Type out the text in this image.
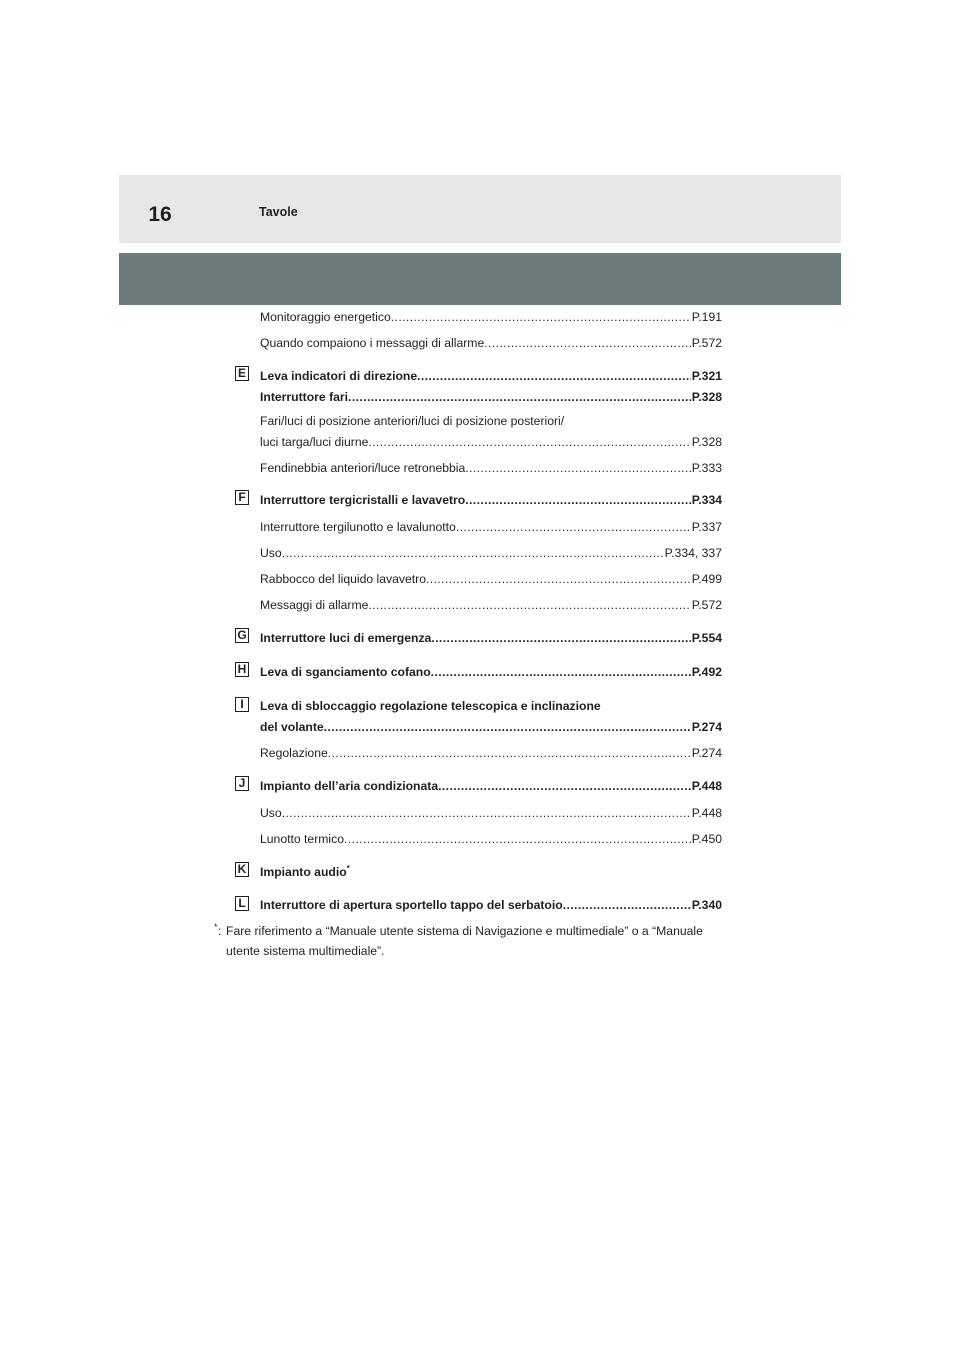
16	Tavole
Monitoraggio energetico .....	P.191
Quando compaiono i messaggi di allarme .....	P.572
E Leva indicatori di direzione .....	P.321
Interruttore fari .....	P.328
Fari/luci di posizione anteriori/luci di posizione posteriori/
luci targa/luci diurne .....	P.328
Fendinebbia anteriori/luce retronebbia .....	P.333
F Interruttore tergicristalli e lavavetro .....	P.334
Interruttore tergilunotto e lavalunotto .....	P.337
Uso .....	P.334, 337
Rabbocco del liquido lavavetro .....	P.499
Messaggi di allarme .....	P.572
G Interruttore luci di emergenza .....	P.554
H Leva di sganciamento cofano .....	P.492
I	Leva di sbloccaggio regolazione telescopica e inclinazione
del volante .....	P.274
Regolazione .....	P.274
J Impianto dell’aria condizionata .....	P.448
Uso .....	P.448
Lunotto termico .....	P.450
K Impianto audio*
L Interruttore di apertura sportello tappo del serbatoio .....	P.340
* : Fare riferimento a “Manuale utente sistema di Navigazione e multimediale” o a “Manuale utente sistema multimediale”.
